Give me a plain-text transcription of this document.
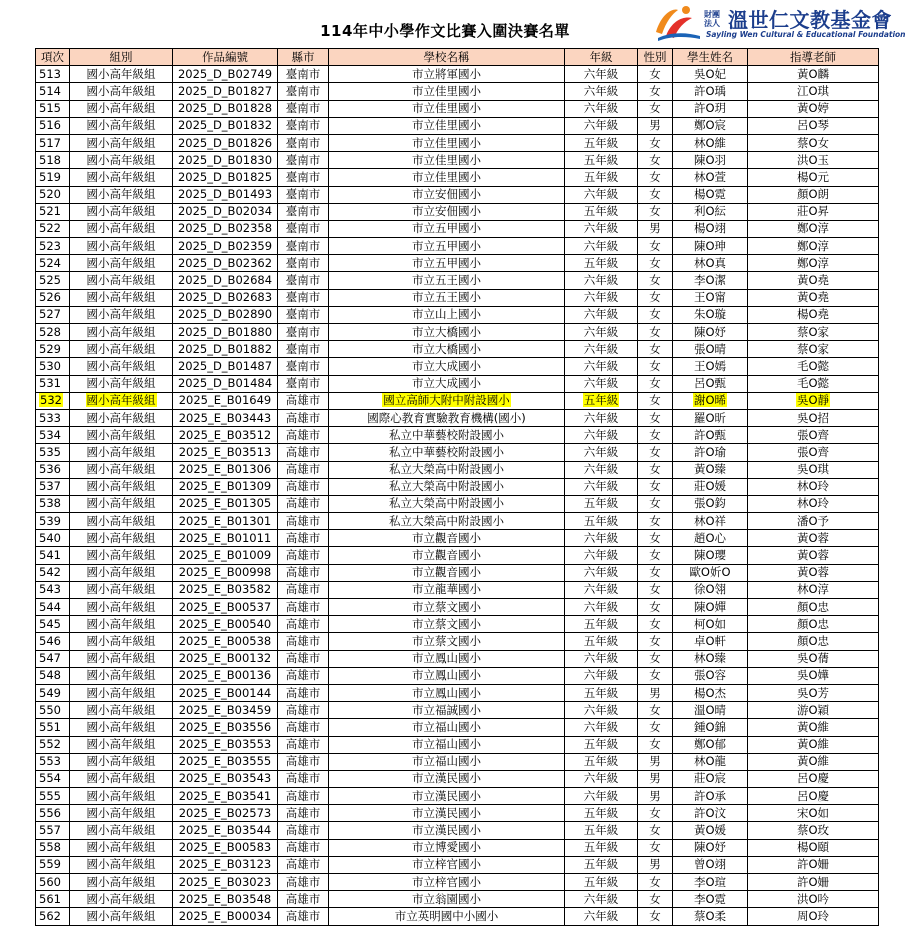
114年中小學作文比賽入圍決賽名單
財團法人 溫世仁文教基金會
Sayling Wen Cultural & Educational Foundation
項次	組別	作品編號	縣市	學校名稱	年級	性別	學生姓名	指導老師
513	國小高年級組	2025_D_B02749	臺南市	市立將軍國小	六年級	女	吳O妃	黃O麟
514	國小高年級組	2025_D_B01827	臺南市	市立佳里國小	六年級	女	許O瑀	江O琪
515	國小高年級組	2025_D_B01828	臺南市	市立佳里國小	六年級	女	許O玥	黃O婷
516	國小高年級組	2025_D_B01832	臺南市	市立佳里國小	六年級	男	鄭O宸	呂O琴
517	國小高年級組	2025_D_B01826	臺南市	市立佳里國小	五年級	女	林O維	蔡O女
518	國小高年級組	2025_D_B01830	臺南市	市立佳里國小	五年級	女	陳O羽	洪O玉
519	國小高年級組	2025_D_B01825	臺南市	市立佳里國小	五年級	女	林O萱	楊O元
520	國小高年級組	2025_D_B01493	臺南市	市立安佃國小	六年級	女	楊O霓	顏O朗
521	國小高年級組	2025_D_B02034	臺南市	市立安佃國小	五年級	女	利O紜	莊O昇
522	國小高年級組	2025_D_B02358	臺南市	市立五甲國小	六年級	男	楊O翊	鄭O淳
523	國小高年級組	2025_D_B02359	臺南市	市立五甲國小	六年級	女	陳O珅	鄭O淳
524	國小高年級組	2025_D_B02362	臺南市	市立五甲國小	五年級	女	林O真	鄭O淳
525	國小高年級組	2025_D_B02684	臺南市	市立五王國小	六年級	女	李O潔	黃O堯
526	國小高年級組	2025_D_B02683	臺南市	市立五王國小	六年級	女	王O甯	黃O堯
527	國小高年級組	2025_D_B02890	臺南市	市立山上國小	六年級	女	朱O璇	楊O堯
528	國小高年級組	2025_D_B01880	臺南市	市立大橋國小	六年級	女	陳O妤	蔡O家
529	國小高年級組	2025_D_B01882	臺南市	市立大橋國小	六年級	女	張O晴	蔡O家
530	國小高年級組	2025_D_B01487	臺南市	市立大成國小	六年級	女	王O嫣	毛O懿
531	國小高年級組	2025_D_B01484	臺南市	市立大成國小	六年級	女	呂O甄	毛O懿
532	國小高年級組	2025_E_B01649	高雄市	國立高師大附中附設國小	五年級	女	謝O晞	吳O靜
533	國小高年級組	2025_E_B03443	高雄市	國際心教育實驗教育機構(國小)	六年級	女	羅O昕	吳O招
534	國小高年級組	2025_E_B03512	高雄市	私立中華藝校附設國小	六年級	女	許O甄	張O齊
535	國小高年級組	2025_E_B03513	高雄市	私立中華藝校附設國小	六年級	女	許O瑜	張O齊
536	國小高年級組	2025_E_B01306	高雄市	私立大榮高中附設國小	六年級	女	黃O臻	吳O琪
537	國小高年級組	2025_E_B01309	高雄市	私立大榮高中附設國小	六年級	女	莊O媛	林O玲
538	國小高年級組	2025_E_B01305	高雄市	私立大榮高中附設國小	五年級	女	張O鈞	林O玲
539	國小高年級組	2025_E_B01301	高雄市	私立大榮高中附設國小	五年級	女	林O祥	潘O予
540	國小高年級組	2025_E_B01011	高雄市	市立觀音國小	六年級	女	趙O心	黃O蓉
541	國小高年級組	2025_E_B01009	高雄市	市立觀音國小	六年級	女	陳O瓔	黃O蓉
542	國小高年級組	2025_E_B00998	高雄市	市立觀音國小	六年級	女	歐O妡O	黃O蓉
543	國小高年級組	2025_E_B03582	高雄市	市立龍華國小	六年級	女	徐O翎	林O淳
544	國小高年級組	2025_E_B00537	高雄市	市立蔡文國小	六年級	女	陳O嬋	顏O忠
545	國小高年級組	2025_E_B00540	高雄市	市立蔡文國小	五年級	女	柯O如	顏O忠
546	國小高年級組	2025_E_B00538	高雄市	市立蔡文國小	五年級	女	卓O軒	顏O忠
547	國小高年級組	2025_E_B00132	高雄市	市立鳳山國小	六年級	女	林O臻	吳O蒨
548	國小高年級組	2025_E_B00136	高雄市	市立鳳山國小	六年級	女	張O容	吳O嬅
549	國小高年級組	2025_E_B00144	高雄市	市立鳳山國小	五年級	男	楊O杰	吳O芳
550	國小高年級組	2025_E_B03459	高雄市	市立福誠國小	六年級	女	溫O晴	游O穎
551	國小高年級組	2025_E_B03556	高雄市	市立福山國小	六年級	女	鍾O錦	黃O維
552	國小高年級組	2025_E_B03553	高雄市	市立福山國小	五年級	女	鄭O郁	黃O維
553	國小高年級組	2025_E_B03555	高雄市	市立福山國小	五年級	男	林O龍	黃O維
554	國小高年級組	2025_E_B03543	高雄市	市立漢民國小	六年級	男	莊O宸	呂O慶
555	國小高年級組	2025_E_B03541	高雄市	市立漢民國小	六年級	男	許O承	呂O慶
556	國小高年級組	2025_E_B02573	高雄市	市立漢民國小	五年級	女	許O汶	宋O如
557	國小高年級組	2025_E_B03544	高雄市	市立漢民國小	五年級	女	黃O媛	蔡O玫
558	國小高年級組	2025_E_B00583	高雄市	市立博愛國小	五年級	女	陳O妤	楊O頤
559	國小高年級組	2025_E_B03123	高雄市	市立梓官國小	五年級	男	曾O翊	許O姍
560	國小高年級組	2025_E_B03023	高雄市	市立梓官國小	五年級	女	李O瑄	許O姍
561	國小高年級組	2025_E_B03548	高雄市	市立翁園國小	六年級	女	李O霓	洪O吟
562	國小高年級組	2025_E_B00034	高雄市	市立英明國中小國小	六年級	女	蔡O柔	周O玲
